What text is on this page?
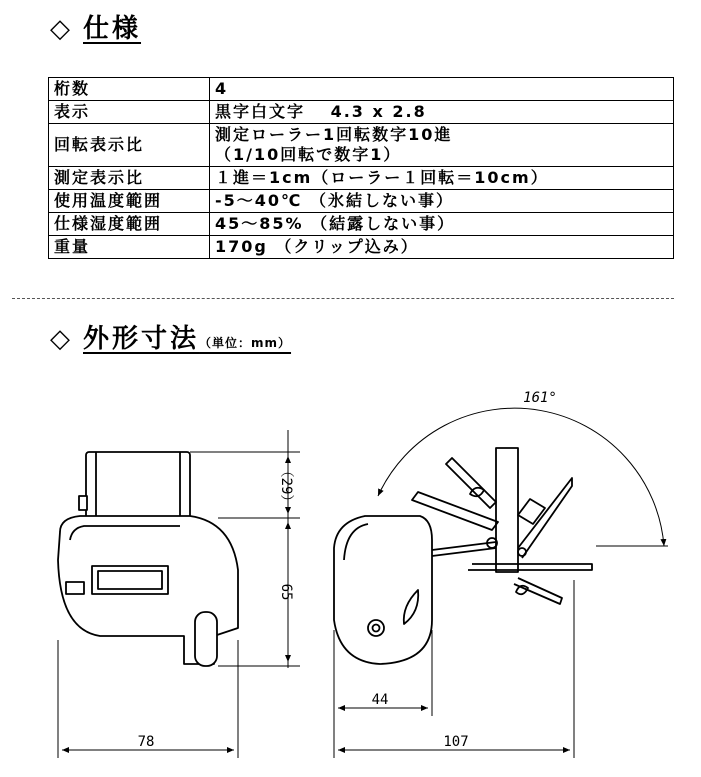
◇ 仕様
桁数	4
表示	黒字白文字　 4.3 x 2.8
回転表示比	測定ローラー1回転数字10進
（1/10回転で数字1）
測定表示比	１進＝1cm（ローラー１回転＝10cm）
使用温度範囲	-5～40℃ （氷結しない事）
仕様湿度範囲	45～85% （結露しない事）
重量	170g （クリップ込み）
◇ 外形寸法（単位：mm）
（29）
65
78
44
107
161°
